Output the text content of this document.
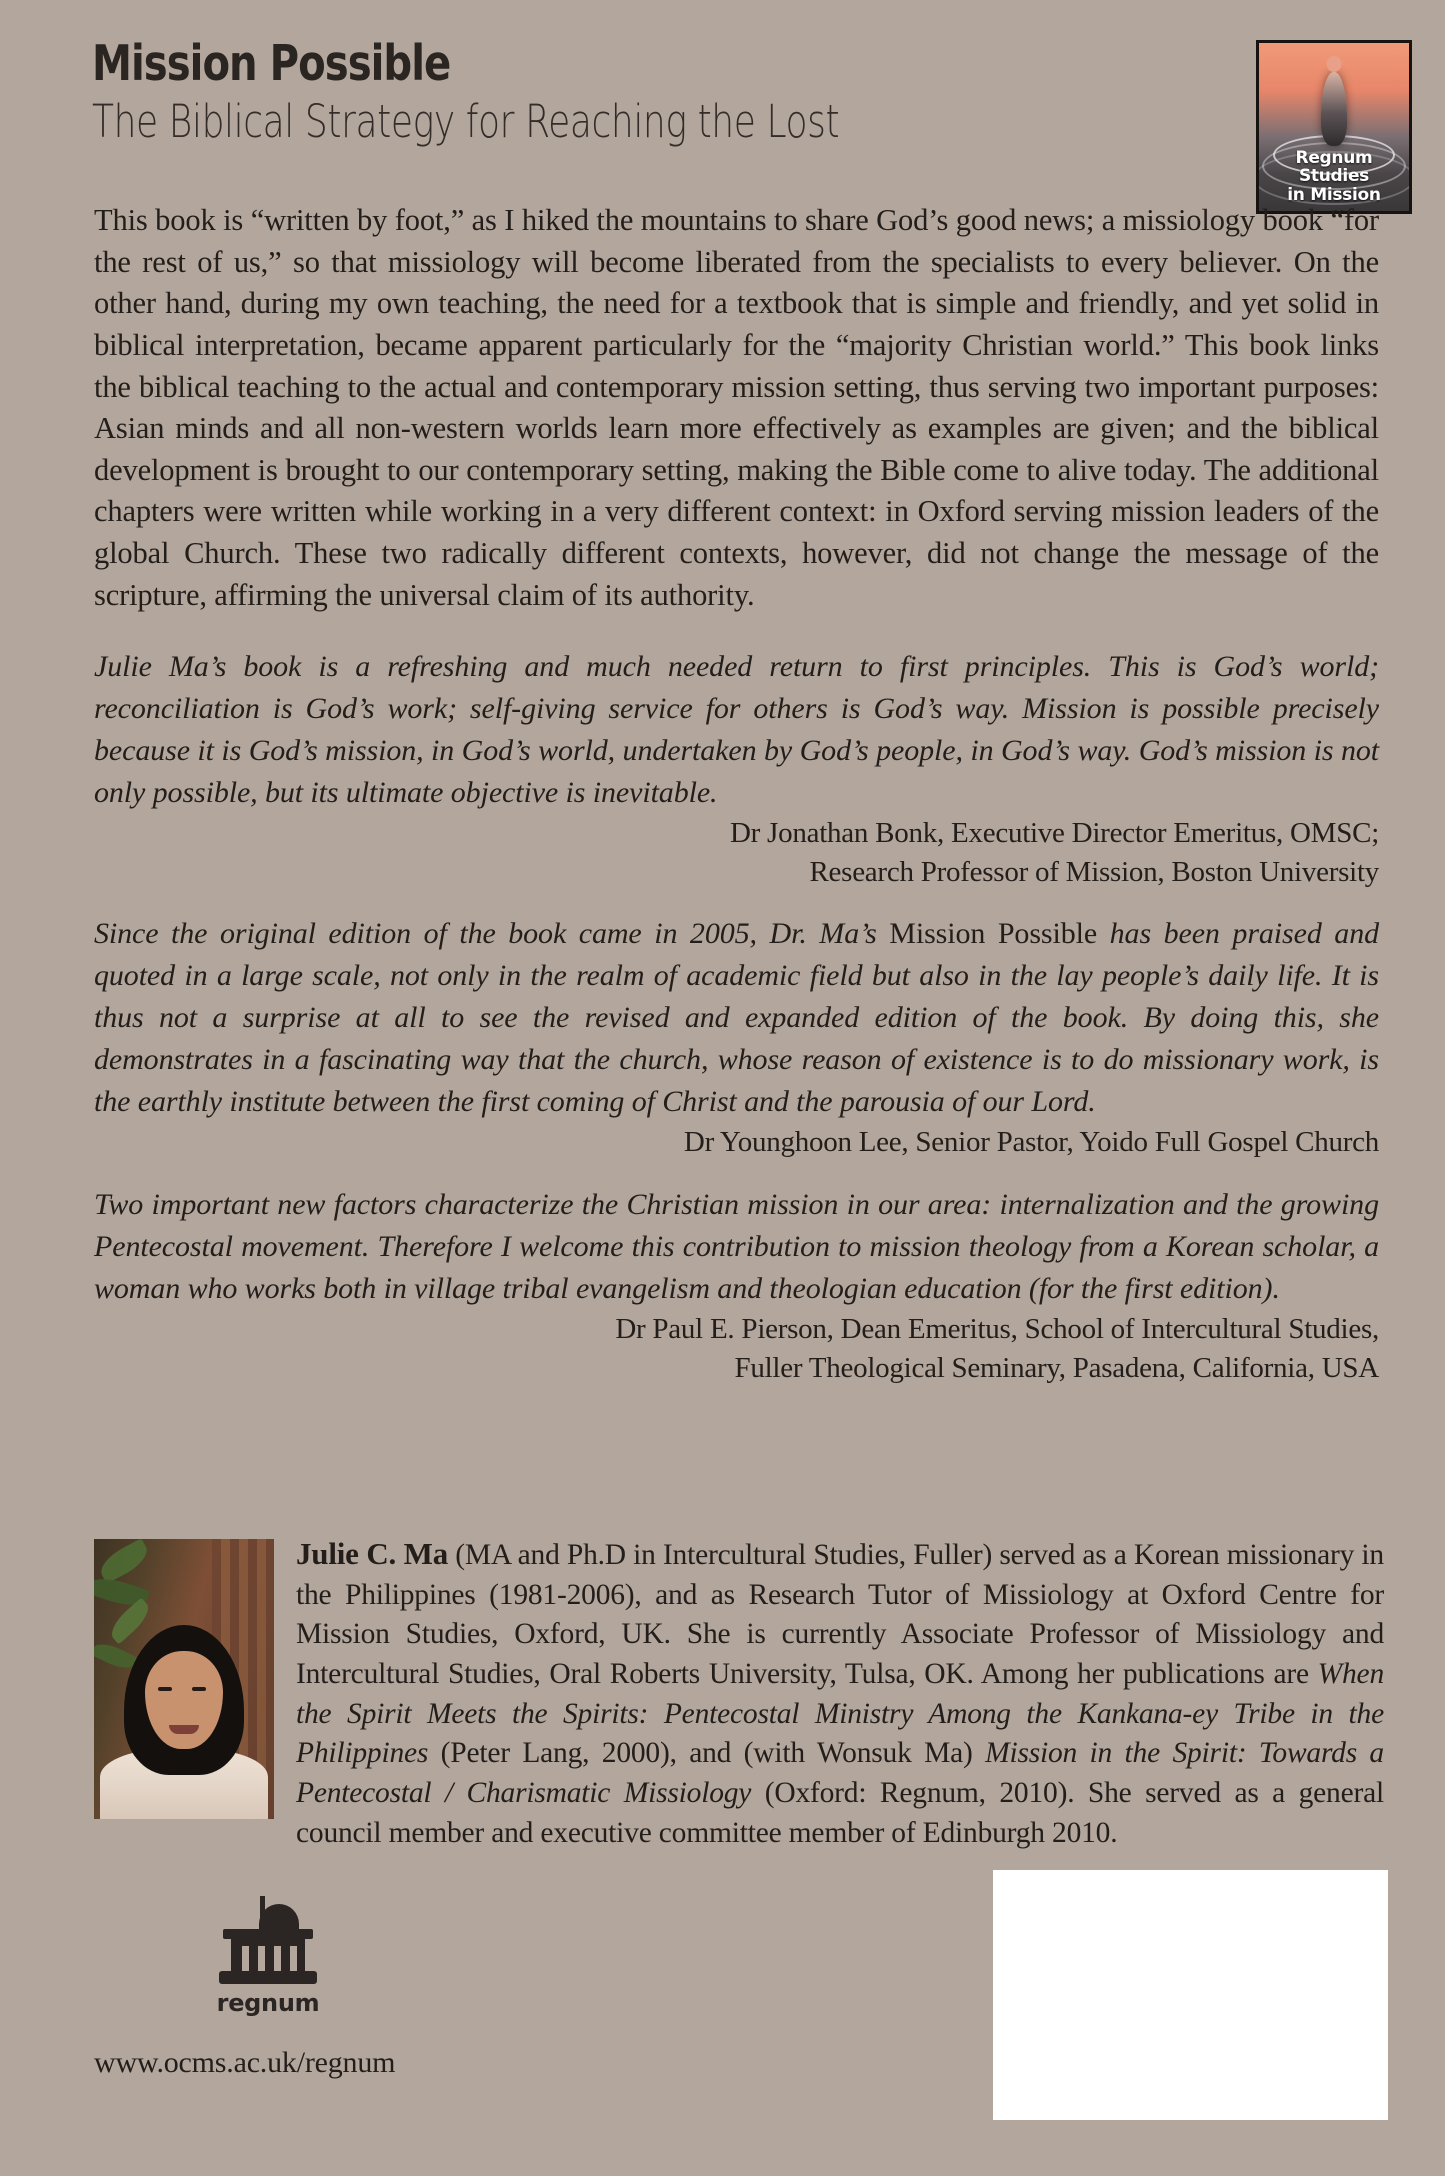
Mission Possible
The Biblical Strategy for Reaching the Lost
Regnum Studies
in Mission

This book is “written by foot,” as I hiked the mountains to share God’s good news; a missiology book “for the rest of us,” so that missiology will become liberated from the specialists to every believer. On the other hand, during my own teaching, the need for a textbook that is simple and friendly, and yet solid in biblical interpretation, became apparent particularly for the “majority Christian world.” This book links the biblical teaching to the actual and contemporary mission setting, thus serving two important purposes: Asian minds and all non-western worlds learn more effectively as examples are given; and the biblical development is brought to our contemporary setting, making the Bible come to alive today. The additional chapters were written while working in a very different context: in Oxford serving mission leaders of the global Church. These two radically different contexts, however, did not change the message of the scripture, affirming the universal claim of its authority.

Julie Ma’s book is a refreshing and much needed return to first principles. This is God’s world; reconciliation is God’s work; self-giving service for others is God’s way. Mission is possible precisely because it is God’s mission, in God’s world, undertaken by God’s people, in God’s way. God’s mission is not only possible, but its ultimate objective is inevitable.

Dr Jonathan Bonk, Executive Director Emeritus, OMSC;

Research Professor of Mission, Boston University

Since the original edition of the book came in 2005, Dr. Ma’s Mission Possible has been praised and quoted in a large scale, not only in the realm of academic field but also in the lay people’s daily life. It is thus not a surprise at all to see the revised and expanded edition of the book. By doing this, she demonstrates in a fascinating way that the church, whose reason of existence is to do missionary work, is the earthly institute between the first coming of Christ and the parousia of our Lord.

Dr Younghoon Lee, Senior Pastor, Yoido Full Gospel Church

Two important new factors characterize the Christian mission in our area: internalization and the growing Pentecostal movement. Therefore I welcome this contribution to mission theology from a Korean scholar, a woman who works both in village tribal evangelism and theologian education (for the first edition).

Dr Paul E. Pierson, Dean Emeritus, School of Intercultural Studies,

Fuller Theological Seminary, Pasadena, California, USA

Julie C. Ma (MA and Ph.D in Intercultural Studies, Fuller) served as a Korean missionary in the Philippines (1981-2006), and as Research Tutor of Missiology at Oxford Centre for Mission Studies, Oxford, UK. She is currently Associate Professor of Missiology and Intercultural Studies, Oral Roberts University, Tulsa, OK. Among her publications are When the Spirit Meets the Spirits: Pentecostal Ministry Among the Kankana-ey Tribe in the Philippines (Peter Lang, 2000), and (with Wonsuk Ma) Mission in the Spirit: Towards a Pentecostal / Charismatic Missiology (Oxford: Regnum, 2010). She served as a general council member and executive committee member of Edinburgh 2010.

regnum
www.ocms.ac.uk/regnum
